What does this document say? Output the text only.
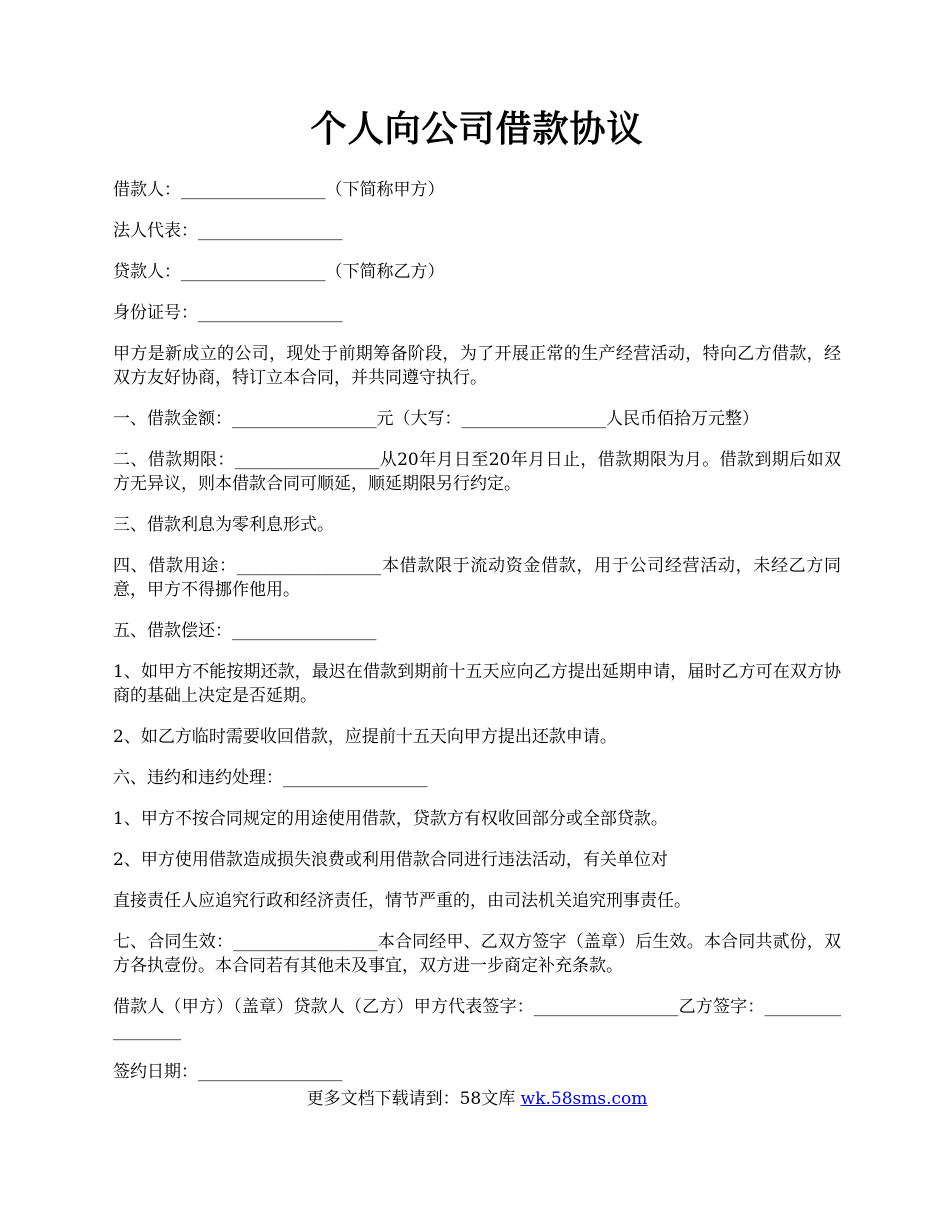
个人向公司借款协议

借款人：_________________（下简称甲方）

法人代表：_________________

贷款人：_________________（下简称乙方）

身份证号：_________________

甲方是新成立的公司，现处于前期筹备阶段，为了开展正常的生产经营活动，特向乙方借款，经双方友好协商，特订立本合同，并共同遵守执行。

一、借款金额：_________________元（大写：_________________人民币佰拾万元整）

二、借款期限：_________________从20年月日至20年月日止，借款期限为月。借款到期后如双方无异议，则本借款合同可顺延，顺延期限另行约定。

三、借款利息为零利息形式。

四、借款用途：_________________本借款限于流动资金借款，用于公司经营活动，未经乙方同意，甲方不得挪作他用。

五、借款偿还：_________________

1、如甲方不能按期还款，最迟在借款到期前十五天应向乙方提出延期申请，届时乙方可在双方协商的基础上决定是否延期。

2、如乙方临时需要收回借款，应提前十五天向甲方提出还款申请。

六、违约和违约处理：_________________

1、甲方不按合同规定的用途使用借款，贷款方有权收回部分或全部贷款。

2、甲方使用借款造成损失浪费或利用借款合同进行违法活动，有关单位对

直接责任人应追究行政和经济责任，情节严重的，由司法机关追究刑事责任。

七、合同生效：_________________本合同经甲、乙双方签字（盖章）后生效。本合同共贰份，双方各执壹份。本合同若有其他未及事宜，双方进一步商定补充条款。

借款人（甲方）（盖章）贷款人（乙方）甲方代表签字：_________________乙方签字：_________________

签约日期：_________________

更多文档下载请到：58文库 wk.58sms.com
